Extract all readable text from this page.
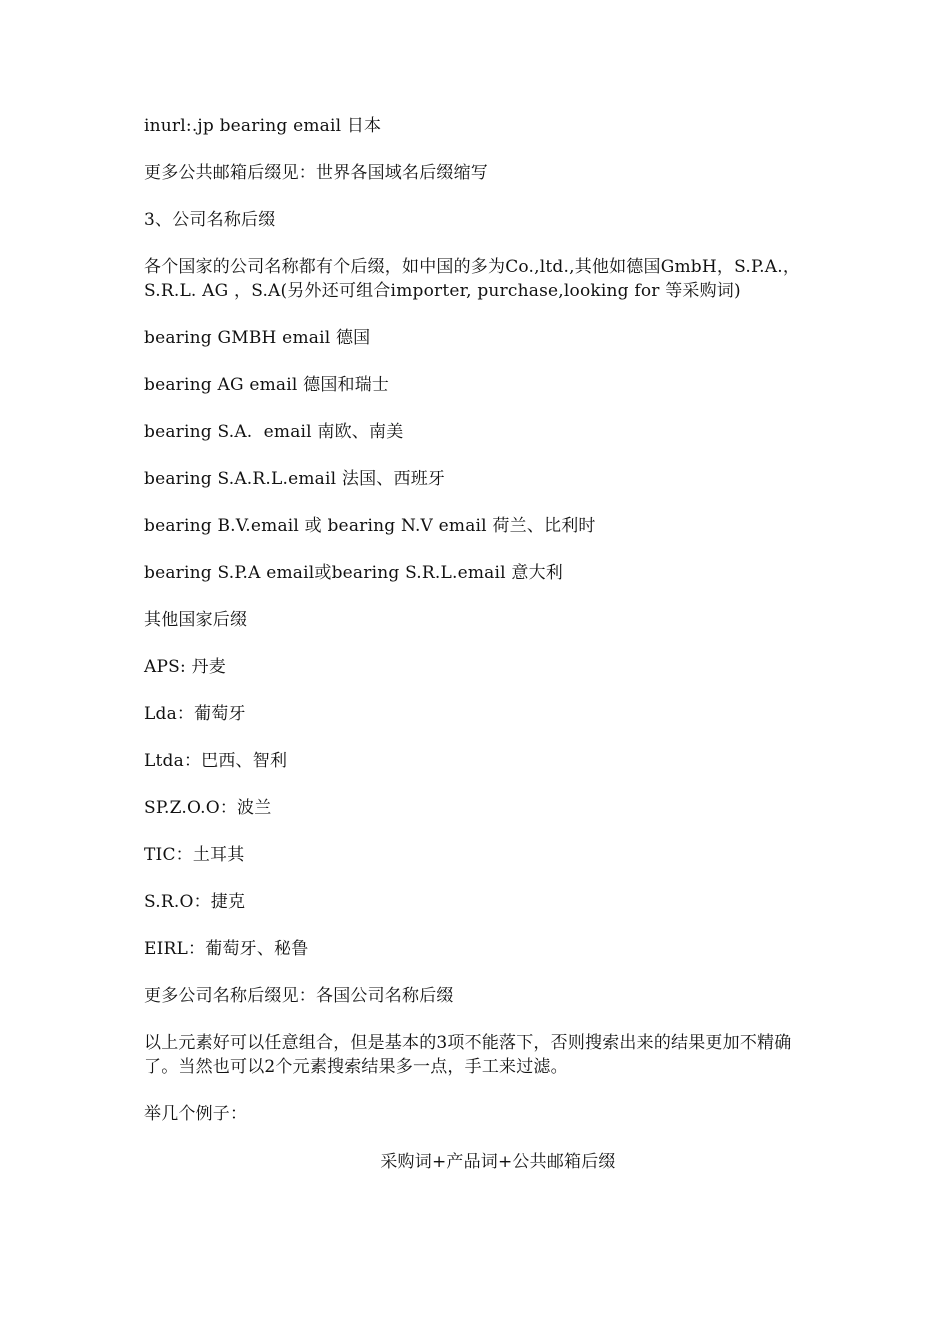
inurl:.jp bearing email 日本

更多公共邮箱后缀见：世界各国域名后缀缩写

3、公司名称后缀

各个国家的公司名称都有个后缀，如中国的多为Co.,ltd.,其他如德国GmbH，S.P.A.，S.R.L. AG ，S.A(另外还可组合importer, purchase,looking for 等采购词)

bearing GMBH email 德国

bearing AG email 德国和瑞士

bearing S.A.  email 南欧、南美

bearing S.A.R.L.email 法国、西班牙

bearing B.V.email 或 bearing N.V email 荷兰、比利时

bearing S.P.A email或bearing S.R.L.email 意大利

其他国家后缀

APS: 丹麦

Lda：葡萄牙

Ltda：巴西、智利

SP.Z.O.O：波兰

TIC：土耳其

S.R.O：捷克

EIRL：葡萄牙、秘鲁

更多公司名称后缀见：各国公司名称后缀

以上元素好可以任意组合，但是基本的3项不能落下，否则搜索出来的结果更加不精确了。当然也可以2个元素搜索结果多一点，手工来过滤。

举几个例子：

采购词+产品词+公共邮箱后缀
